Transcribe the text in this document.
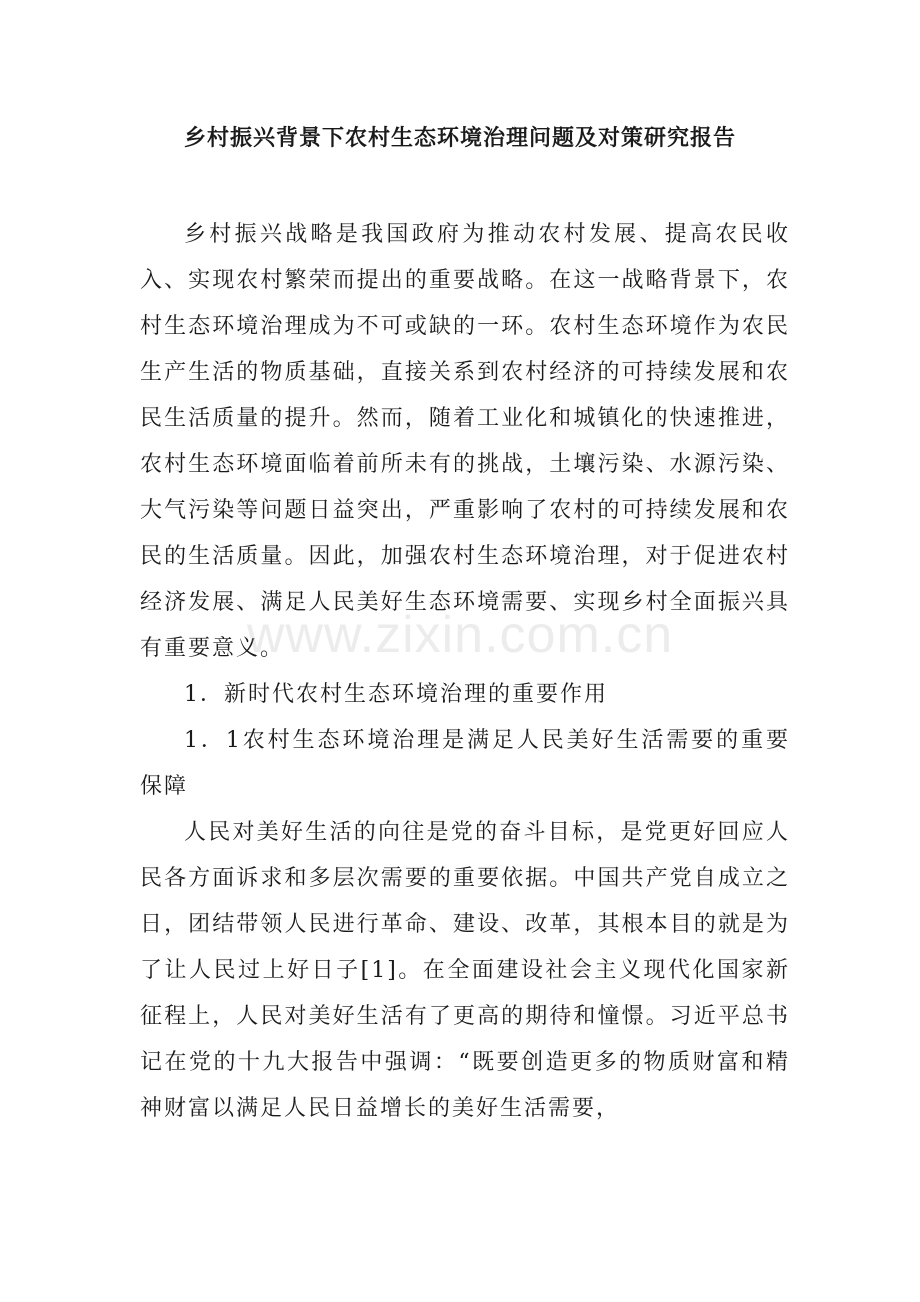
乡村振兴背景下农村生态环境治理问题及对策研究报告

乡村振兴战略是我国政府为推动农村发展、提高农民收入、实现农村繁荣而提出的重要战略。在这一战略背景下，农村生态环境治理成为不可或缺的一环。农村生态环境作为农民生产生活的物质基础，直接关系到农村经济的可持续发展和农民生活质量的提升。然而，随着工业化和城镇化的快速推进，农村生态环境面临着前所未有的挑战，土壤污染、水源污染、大气污染等问题日益突出，严重影响了农村的可持续发展和农民的生活质量。因此，加强农村生态环境治理，对于促进农村经济发展、满足人民美好生态环境需要、实现乡村全面振兴具有重要意义。

1．新时代农村生态环境治理的重要作用

1．1农村生态环境治理是满足人民美好生活需要的重要保障

人民对美好生活的向往是党的奋斗目标，是党更好回应人民各方面诉求和多层次需要的重要依据。中国共产党自成立之日，团结带领人民进行革命、建设、改革，其根本目的就是为了让人民过上好日子[1]。在全面建设社会主义现代化国家新征程上，人民对美好生活有了更高的期待和憧憬。习近平总书记在党的十九大报告中强调：“既要创造更多的物质财富和精神财富以满足人民日益增长的美好生活需要，

www.zixin.com.cn
